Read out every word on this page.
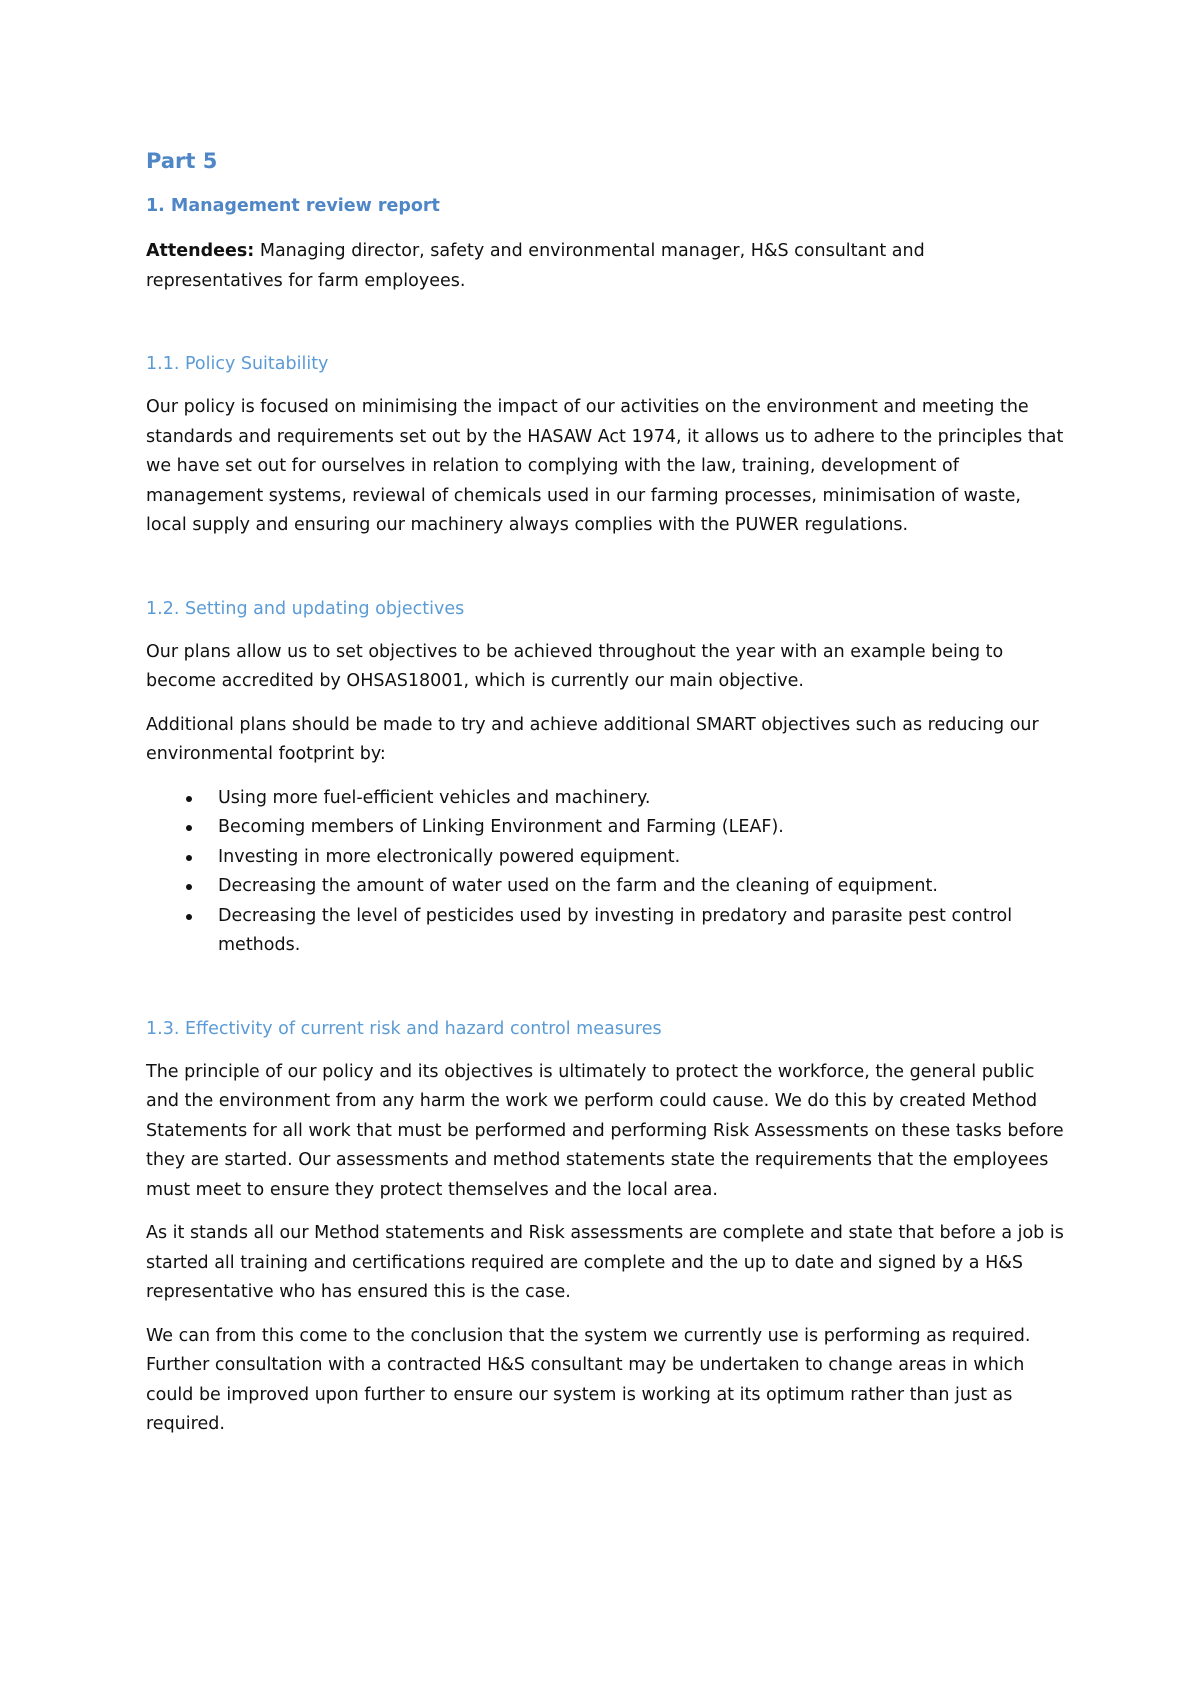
Part 5
1. Management review report

Attendees: Managing director, safety and environmental manager, H&S consultant and representatives for farm employees.

1.1. Policy Suitability

Our policy is focused on minimising the impact of our activities on the environment and meeting the standards and requirements set out by the HASAW Act 1974, it allows us to adhere to the principles that we have set out for ourselves in relation to complying with the law, training, development of management systems, reviewal of chemicals used in our farming processes, minimisation of waste, local supply and ensuring our machinery always complies with the PUWER regulations.

1.2. Setting and updating objectives

Our plans allow us to set objectives to be achieved throughout the year with an example being to become accredited by OHSAS18001, which is currently our main objective.

Additional plans should be made to try and achieve additional SMART objectives such as reducing our environmental footprint by:

Using more fuel-efficient vehicles and machinery.
Becoming members of Linking Environment and Farming (LEAF).
Investing in more electronically powered equipment.
Decreasing the amount of water used on the farm and the cleaning of equipment.
Decreasing the level of pesticides used by investing in predatory and parasite pest control methods.
1.3. Effectivity of current risk and hazard control measures

The principle of our policy and its objectives is ultimately to protect the workforce, the general public and the environment from any harm the work we perform could cause. We do this by created Method Statements for all work that must be performed and performing Risk Assessments on these tasks before they are started. Our assessments and method statements state the requirements that the employees must meet to ensure they protect themselves and the local area.

As it stands all our Method statements and Risk assessments are complete and state that before a job is started all training and certifications required are complete and the up to date and signed by a H&S representative who has ensured this is the case.

We can from this come to the conclusion that the system we currently use is performing as required. Further consultation with a contracted H&S consultant may be undertaken to change areas in which could be improved upon further to ensure our system is working at its optimum rather than just as required.
